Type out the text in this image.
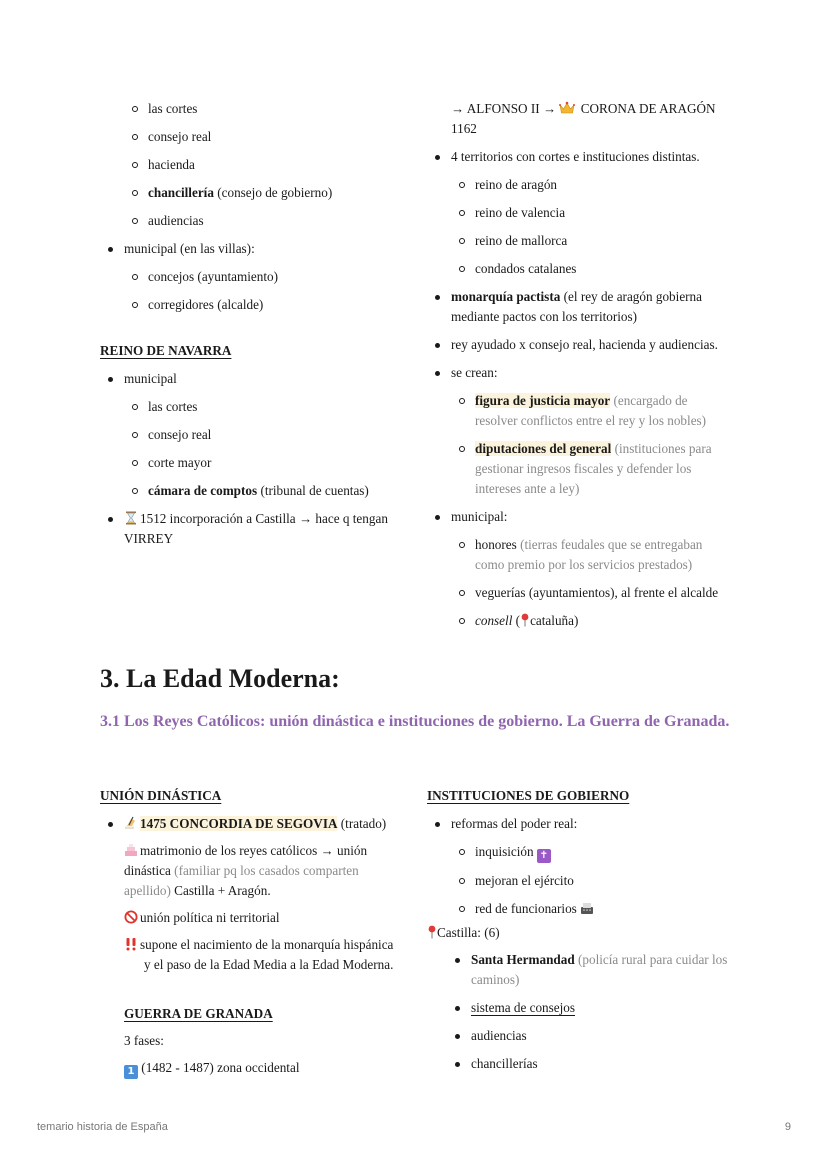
las cortes
consejo real
hacienda
chancillería (consejo de gobierno)
audiencias
municipal (en las villas):
concejos (ayuntamiento)
corregidores (alcalde)

REINO DE NAVARRA

municipal
las cortes
consejo real
corte mayor
cámara de comptos (tribunal de cuentas)
1512 incorporación a Castilla → hace q tengan VIRREY
→ ALFONSO II →  CORONA DE ARAGÓN
1162
4 territorios con cortes e instituciones distintas.
reino de aragón
reino de valencia
reino de mallorca
condados catalanes
monarquía pactista (el rey de aragón gobierna mediante pactos con los territorios)
rey ayudado x consejo real, hacienda y audiencias.
se crean:
figura de justicia mayor (encargado de resolver conflictos entre el rey y los nobles)
diputaciones del general (instituciones para gestionar ingresos fiscales y defender los intereses ante a ley)
municipal:
honores (tierras feudales que se entregaban como premio por los servicios prestados)
veguerías (ayuntamientos), al frente el alcalde
consell ( cataluña)
3. La Edad Moderna:
3.1 Los Reyes Católicos: unión dinástica e instituciones de gobierno. La Guerra de Granada.

UNIÓN DINÁSTICA

1475 CONCORDIA DE SEGOVIA (tratado)
matrimonio de los reyes católicos → unión dinástica (familiar pq los casados comparten apellido) Castilla + Aragón.
unión política ni territorial
supone el nacimiento de la monarquía hispánica
y el paso de la Edad Media a la Edad Moderna.

GUERRA DE GRANADA

3 fases:
1 (1482 - 1487) zona occidental

INSTITUCIONES DE GOBIERNO

reformas del poder real:
inquisición ✝
mejoran el ejército
red de funcionarios
Castilla: (6)
Santa Hermandad (policía rural para cuidar los caminos)
sistema de consejos
audiencias
chancillerías
temario historia de España	9
